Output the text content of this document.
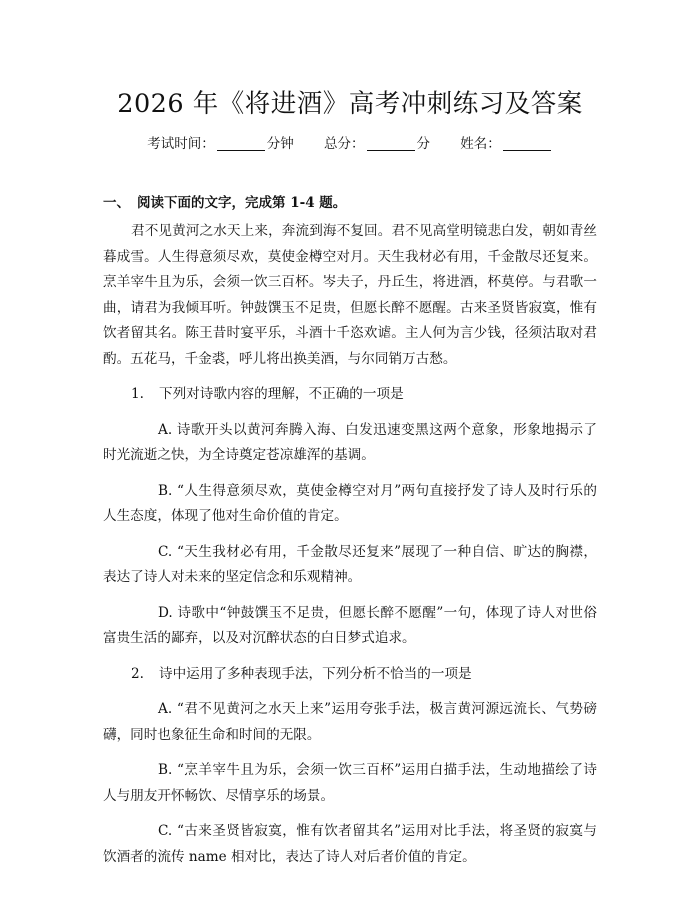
2026 年《将进酒》高考冲刺练习及答案
考试时间：	分钟 总分：	分 姓名：
一、 阅读下面的文字，完成第 1-4 题。

君不见黄河之水天上来，奔流到海不复回。君不见高堂明镜悲白发，朝如青丝暮成雪。人生得意须尽欢，莫使金樽空对月。天生我材必有用，千金散尽还复来。烹羊宰牛且为乐，会须一饮三百杯。岑夫子，丹丘生，将进酒，杯莫停。与君歌一曲，请君为我倾耳听。钟鼓馔玉不足贵，但愿长醉不愿醒。古来圣贤皆寂寞，惟有饮者留其名。陈王昔时宴平乐，斗酒十千恣欢谑。主人何为言少钱，径须沽取对君酌。五花马，千金裘，呼儿将出换美酒，与尔同销万古愁。

1. 下列对诗歌内容的理解，不正确的一项是

A. 诗歌开头以黄河奔腾入海、白发迅速变黑这两个意象，形象地揭示了时光流逝之快，为全诗奠定苍凉雄浑的基调。

B. “人生得意须尽欢，莫使金樽空对月”两句直接抒发了诗人及时行乐的人生态度，体现了他对生命价值的肯定。

C. “天生我材必有用，千金散尽还复来”展现了一种自信、旷达的胸襟，表达了诗人对未来的坚定信念和乐观精神。

D. 诗歌中“钟鼓馔玉不足贵，但愿长醉不愿醒”一句，体现了诗人对世俗富贵生活的鄙弃，以及对沉醉状态的白日梦式追求。

2. 诗中运用了多种表现手法，下列分析不恰当的一项是

A. “君不见黄河之水天上来”运用夸张手法，极言黄河源远流长、气势磅礴，同时也象征生命和时间的无限。

B. “烹羊宰牛且为乐，会须一饮三百杯”运用白描手法，生动地描绘了诗人与朋友开怀畅饮、尽情享乐的场景。

C. “古来圣贤皆寂寞，惟有饮者留其名”运用对比手法，将圣贤的寂寞与饮酒者的流传 name 相对比，表达了诗人对后者价值的肯定。
